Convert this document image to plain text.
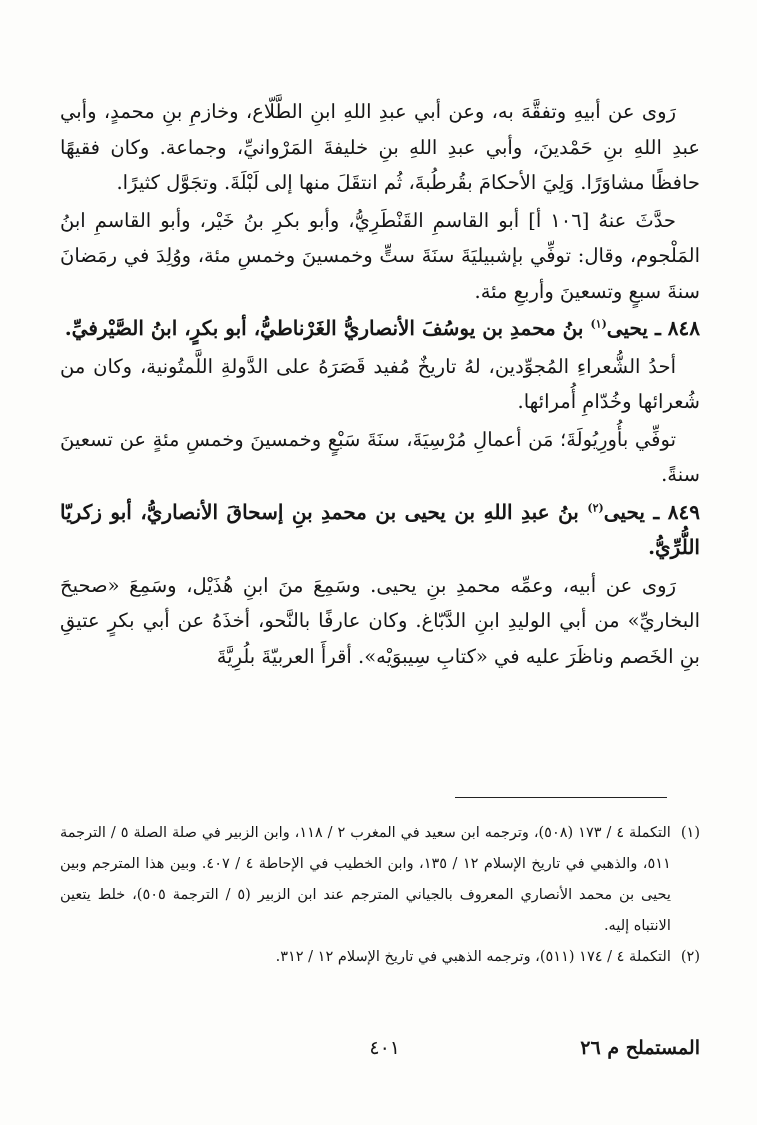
رَوى عن أبيهِ وتفقَّهَ به، وعن أبي عبدِ اللهِ ابنِ الطَّلّاع، وخازمِ بنِ محمدٍ، وأبي عبدِ اللهِ بنِ حَمْدينَ، وأبي عبدِ اللهِ بنِ خليفةَ المَرْوانيِّ، وجماعة. وكان فقيهًا حافظًا مشاوَرًا. وَلِيَ الأحكامَ بقُرطُبةَ، ثُم انتقَلَ منها إلى لَبْلَةَ. وتجَوَّل كثيرًا.

حدَّثَ عنهُ [١٠٦ أ] أبو القاسمِ القَنْطَرِيُّ، وأبو بكرِ بنُ خَيْر، وأبو القاسمِ ابنُ المَلْجوم، وقال: توفِّي بإشبيليَةَ سنَةَ ستٍّ وخمسينَ وخمسِ مئة، ووُلِدَ في رمَضانَ سنةَ سبعٍ وتسعينَ وأربعِ مئة.

٨٤٨ ـ يحيى$^{(١)}$ بنُ محمدِ بن يوسُفَ الأنصاريُّ الغَرْناطيُّ، أبو بكرٍ، ابنُ الصَّيْرفيِّ.

أحدُ الشُّعراءِ المُجوِّدين، لهُ تاريخٌ مُفيد قَصَرَهُ على الدَّولةِ اللَّمتُونية، وكان من شُعرائها وخُدّامِ أُمرائها.

توفِّي بأُورِيُولَةَ؛ مَن أعمالِ مُرْسِيَةَ، سنَةَ سَبْعٍ وخمسينَ وخمسِ مئةٍ عن تسعينَ سنةً.

٨٤٩ ـ يحيى$^{(٢)}$ بنُ عبدِ اللهِ بن يحيى بن محمدِ بنِ إسحاقَ الأنصاريُّ، أبو زكريّا اللُّرِّيُّ.

رَوى عن أبيه، وعمِّه محمدِ بنِ يحيى. وسَمِعَ منَ ابنِ هُذَيْل، وسَمِعَ «صحيحَ البخاريِّ» من أبي الوليدِ ابنِ الدَّبّاغ. وكان عارفًا بالنَّحو، أخذَهُ عن أبي بكرٍ عتيقِ بنِ الخَصم وناظَرَ عليه في «كتابِ سِيبوَيْه». أقرأَ العربيّةَ بلُرِيَّةَ

(١)
التكملة ٤ / ١٧٣ (٥٠٨)، وترجمه ابن سعيد في المغرب ٢ / ١١٨، وابن الزبير في صلة الصلة ٥ / الترجمة ٥١١، والذهبي في تاريخ الإسلام ١٢ / ١٣٥، وابن الخطيب في الإحاطة ٤ / ٤٠٧. وبين هذا المترجم وبين يحيى بن محمد الأنصاري المعروف بالجياني المترجم عند ابن الزبير (٥ / الترجمة ٥٠٥)، خلط يتعين الانتباه إليه.
(٢)
التكملة ٤ / ١٧٤ (٥١١)، وترجمه الذهبي في تاريخ الإسلام ١٢ / ٣١٢.
المستملح م ٢٦
٤٠١
